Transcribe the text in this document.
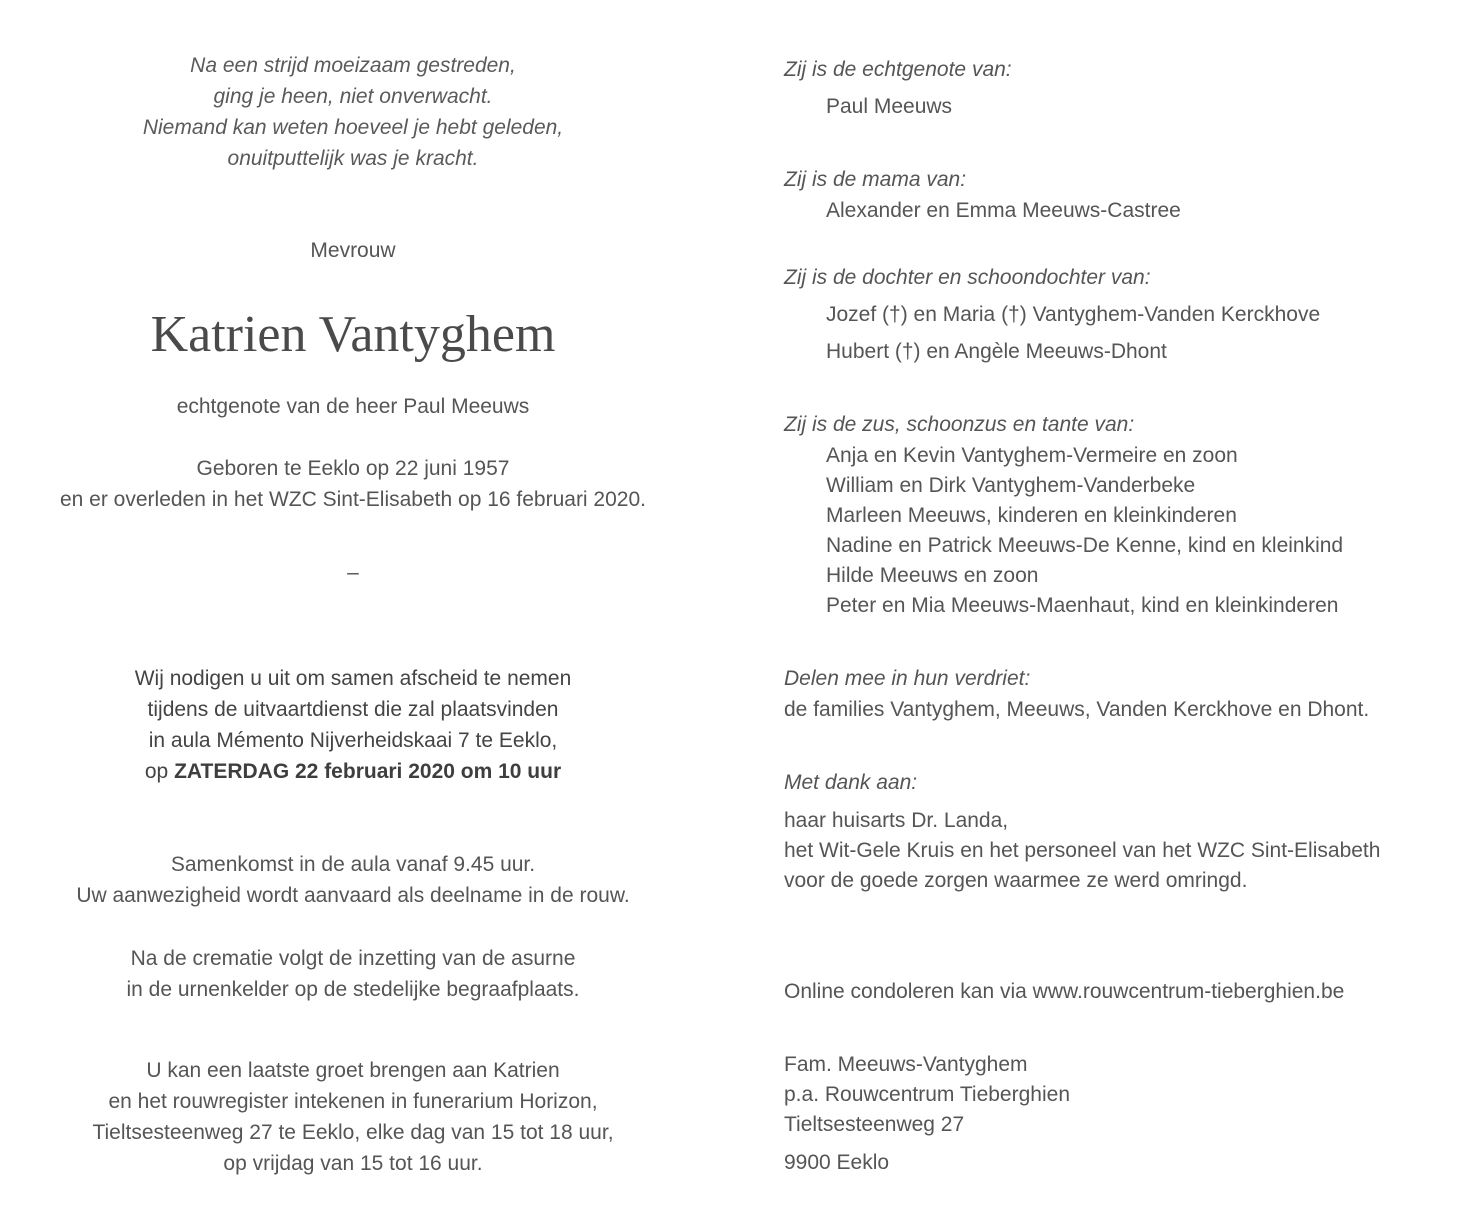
Na een strijd moeizaam gestreden,
ging je heen, niet onverwacht.
Niemand kan weten hoeveel je hebt geleden,
onuitputtelijk was je kracht.
Mevrouw
Katrien Vantyghem
echtgenote van de heer Paul Meeuws
Geboren te Eeklo op 22 juni 1957
en er overleden in het WZC Sint-Elisabeth op 16 februari 2020.
–
Wij nodigen u uit om samen afscheid te nemen
tijdens de uitvaartdienst die zal plaatsvinden
in aula Mémento Nijverheidskaai 7 te Eeklo,
op ZATERDAG 22 februari 2020 om 10 uur
Samenkomst in de aula vanaf 9.45 uur.
Uw aanwezigheid wordt aanvaard als deelname in de rouw.
Na de crematie volgt de inzetting van de asurne
in de urnenkelder op de stedelijke begraafplaats.
U kan een laatste groet brengen aan Katrien
en het rouwregister intekenen in funerarium Horizon,
Tieltsesteenweg 27 te Eeklo, elke dag van 15 tot 18 uur,
op vrijdag van 15 tot 16 uur.
Zij is de echtgenote van:
Paul Meeuws
Zij is de mama van:
Alexander en Emma Meeuws-Castree
Zij is de dochter en schoondochter van:
Jozef (†) en Maria (†) Vantyghem-Vanden Kerckhove
Hubert (†) en Angèle Meeuws-Dhont
Zij is de zus, schoonzus en tante van:
Anja en Kevin Vantyghem-Vermeire en zoon
William en Dirk Vantyghem-Vanderbeke
Marleen Meeuws, kinderen en kleinkinderen
Nadine en Patrick Meeuws-De Kenne, kind en kleinkind
Hilde Meeuws en zoon
Peter en Mia Meeuws-Maenhaut, kind en kleinkinderen
Delen mee in hun verdriet:
de families Vantyghem, Meeuws, Vanden Kerckhove en Dhont.
Met dank aan:
haar huisarts Dr. Landa,
het Wit-Gele Kruis en het personeel van het WZC Sint-Elisabeth
voor de goede zorgen waarmee ze werd omringd.
Online condoleren kan via www.rouwcentrum-tieberghien.be
Fam. Meeuws-Vantyghem
p.a. Rouwcentrum Tieberghien
Tieltsesteenweg 27
9900 Eeklo
